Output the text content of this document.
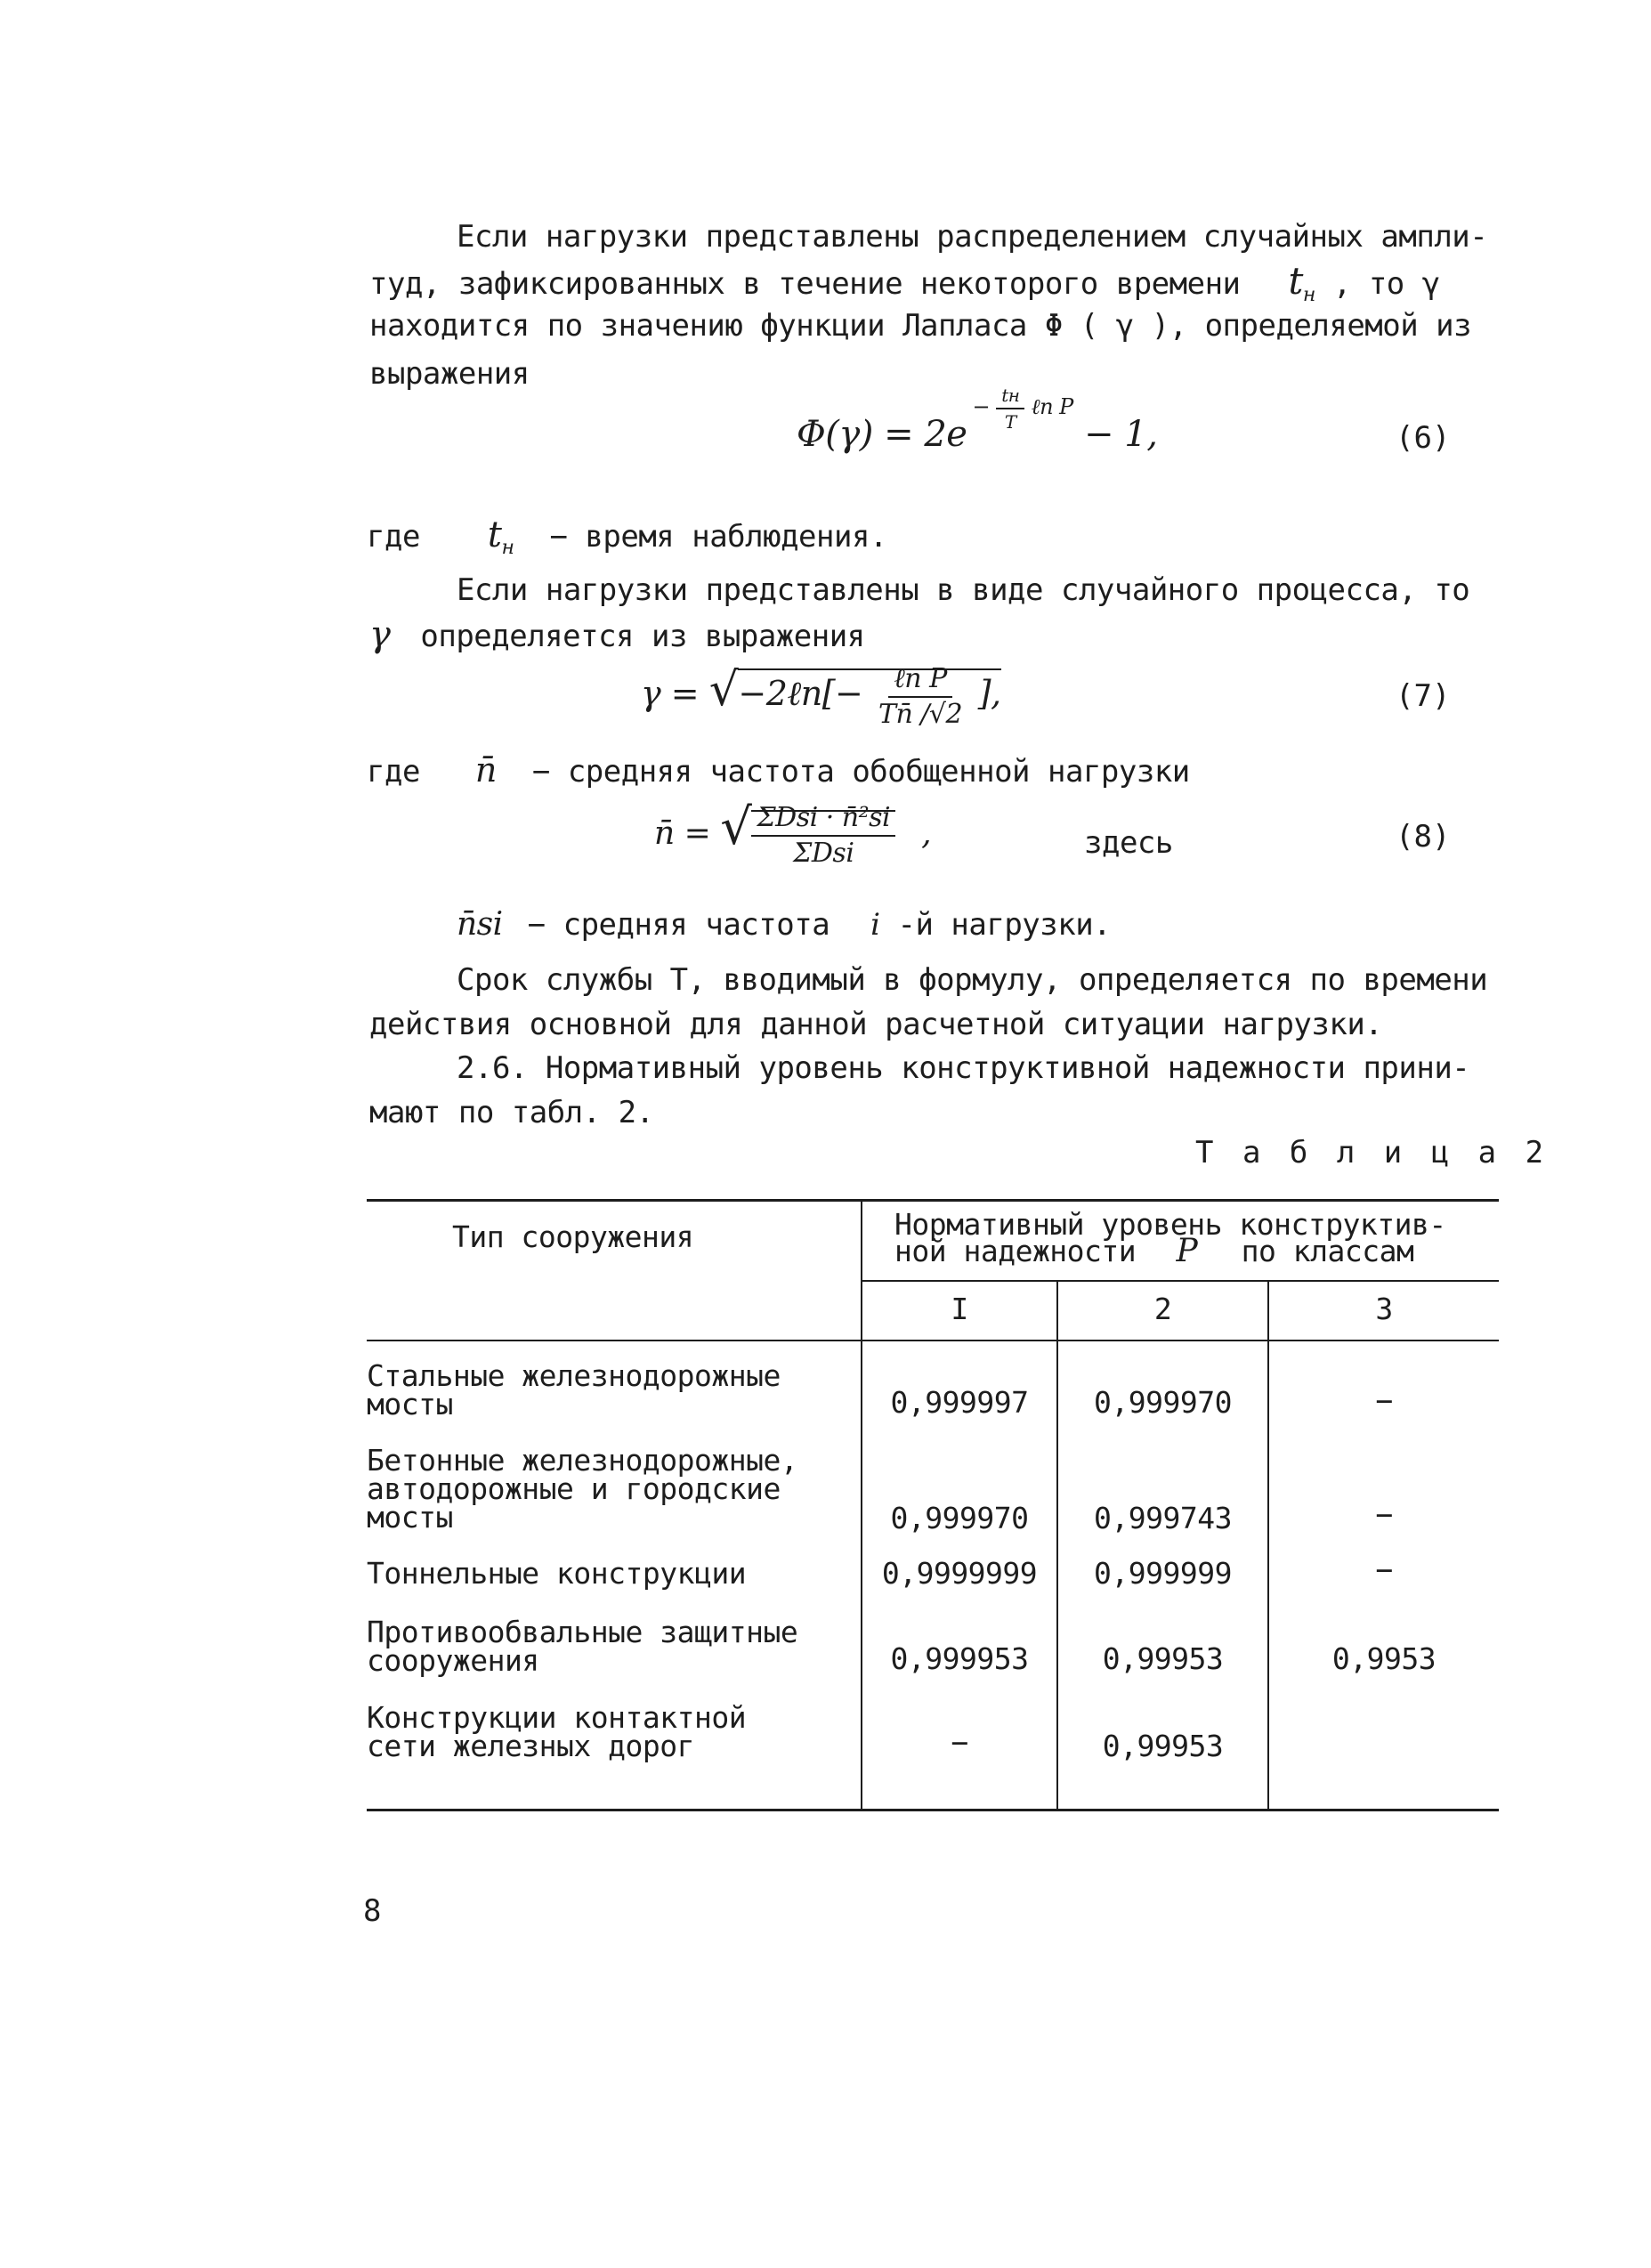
Если нагрузки представлены распределением случайных ампли-
туд, зафиксированных в течение некоторого времени $t_н$ , то γ
находится по значению функции Лапласа Φ ( γ ), определяемой из
выражения
$\Phi(\gamma) = 2e^{- \frac{tн}{T} \ell n P} - 1$,	(6)
где $t_н$ − время наблюдения.
Если нагрузки представлены в виде случайного процесса, то
γ определяется из выражения
γ = √−2ℓn[− $\frac{\text{ℓn P}}{Tn̄ /√2}$ ],	(7)
где n̄ − средняя частота обобщенной нагрузки
n̄ = √ $\frac{\text{ΣDsi · n̄²si}}{\text{ΣDsi}}$ ,	здесь	(8)
n̄si − средняя частота i -й нагрузки.
Срок службы Т, вводимый в формулу, определяется по времени
действия основной для данной расчетной ситуации нагрузки.
2.6. Нормативный уровень конструктивной надежности прини-
мают по табл. 2.
Т а б л и ц а 2
Тип сооружения	Нормативный уровень конструктив-
ной надежности P по классам
I	2	3
Стальные железнодорожные
мосты	0,999997	0,999970	−
Бетонные железнодорожные,
автодорожные и городские
мосты	0,999970	0,999743	−
Тоннельные конструкции	0,9999999	0,999999	−
Противообвальные защитные
сооружения	0,999953	0,99953	0,9953
Конструкции контактной
сети железных дорог	−	0,99953
8
